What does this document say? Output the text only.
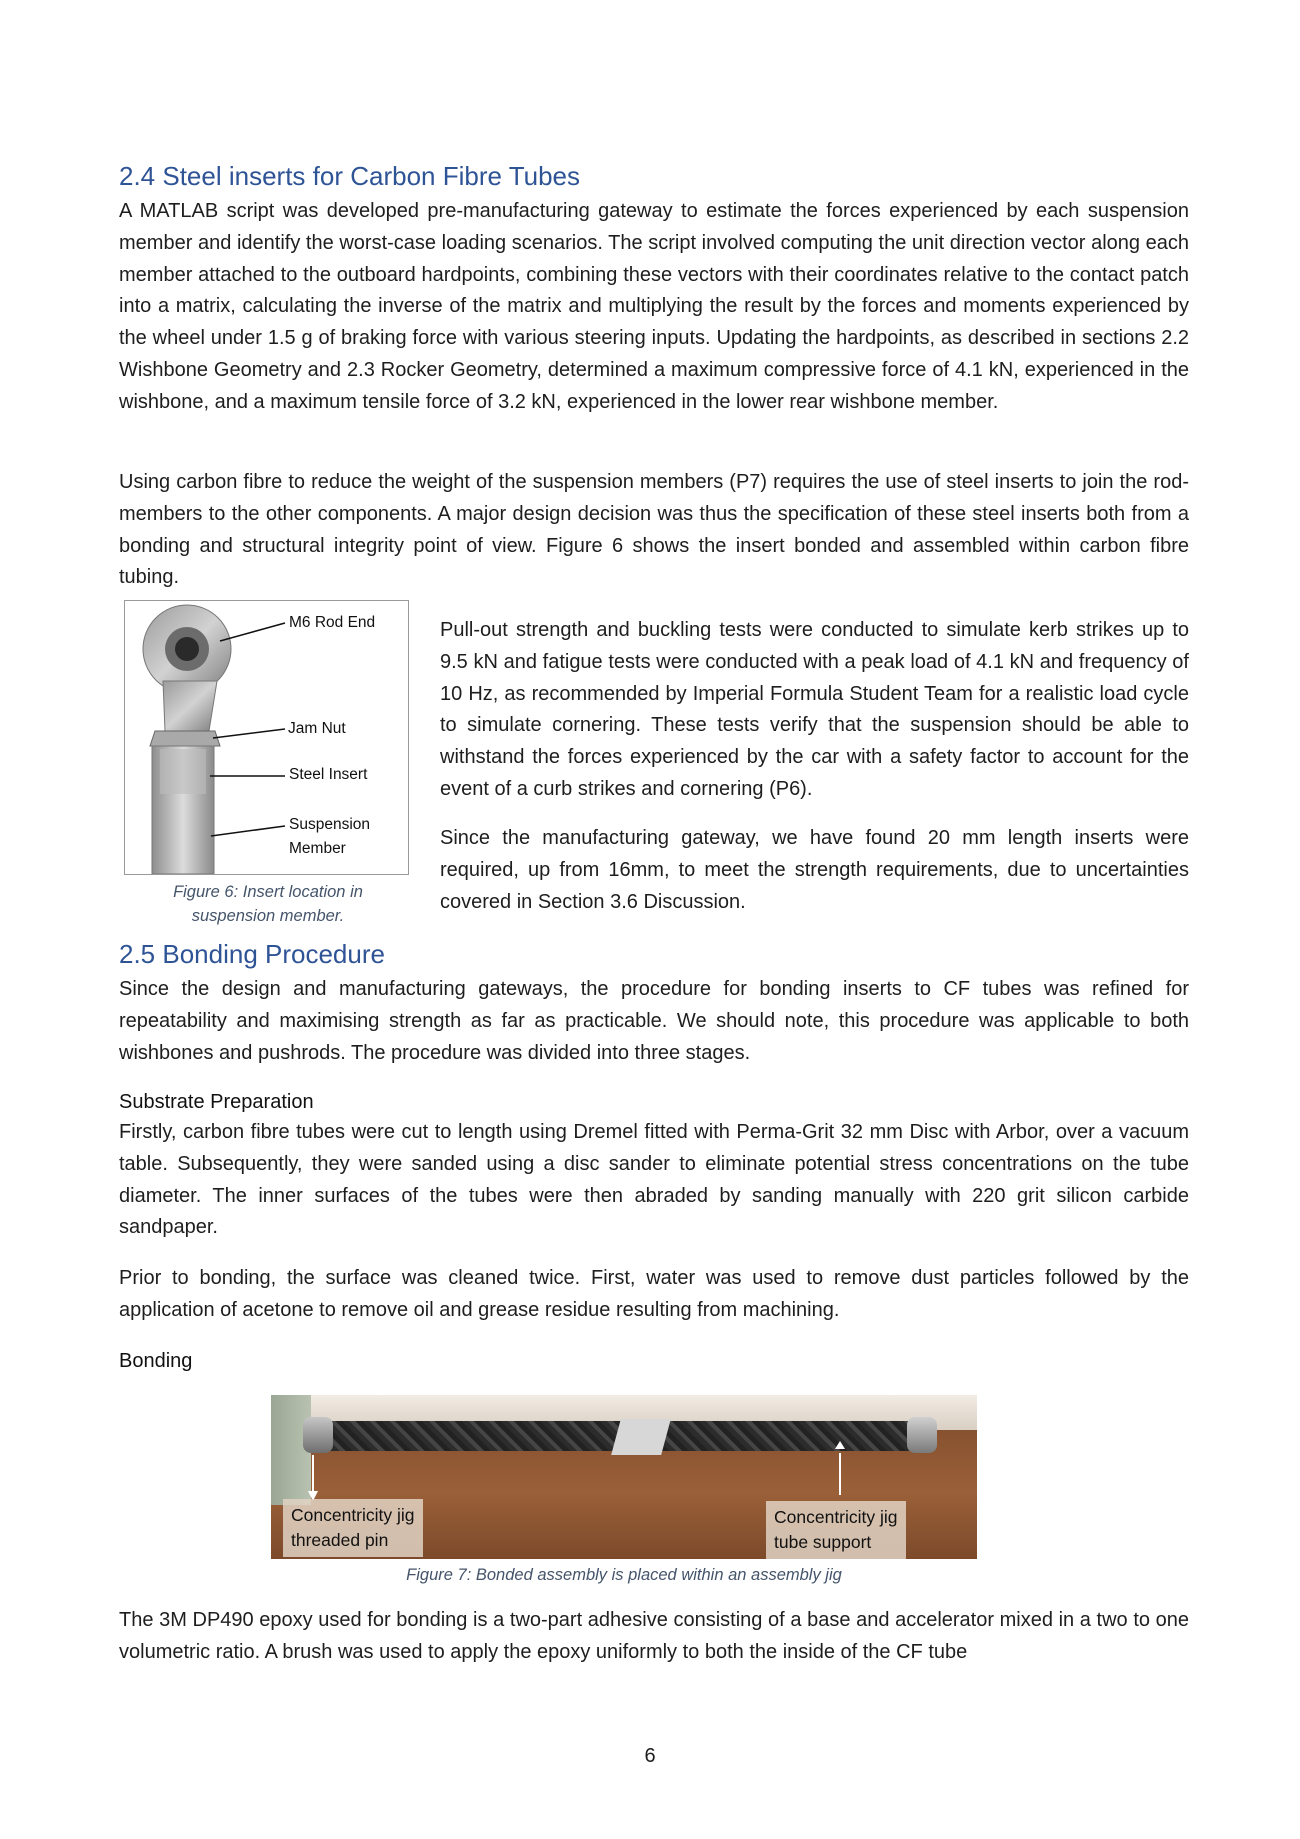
2.4 Steel inserts for Carbon Fibre Tubes

A MATLAB script was developed pre-manufacturing gateway to estimate the forces experienced by each suspension member and identify the worst-case loading scenarios. The script involved computing the unit direction vector along each member attached to the outboard hardpoints, combining these vectors with their coordinates relative to the contact patch into a matrix, calculating the inverse of the matrix and multiplying the result by the forces and moments experienced by the wheel under 1.5 g of braking force with various steering inputs. Updating the hardpoints, as described in sections 2.2 Wishbone Geometry and 2.3 Rocker Geometry, determined a maximum compressive force of 4.1 kN, experienced in the wishbone, and a maximum tensile force of 3.2 kN, experienced in the lower rear wishbone member.

Using carbon fibre to reduce the weight of the suspension members (P7) requires the use of steel inserts to join the rod-members to the other components. A major design decision was thus the specification of these steel inserts both from a bonding and structural integrity point of view. Figure 6 shows the insert bonded and assembled within carbon fibre tubing.

M6 Rod End
Jam Nut
Steel Insert
Suspension
Member
Figure 6: Insert location in
suspension member.

Pull-out strength and buckling tests were conducted to simulate kerb strikes up to 9.5 kN and fatigue tests were conducted with a peak load of 4.1 kN and frequency of 10 Hz, as recommended by Imperial Formula Student Team for a realistic load cycle to simulate cornering. These tests verify that the suspension should be able to withstand the forces experienced by the car with a safety factor to account for the event of a curb strikes and cornering (P6).

Since the manufacturing gateway, we have found 20 mm length inserts were required, up from 16mm, to meet the strength requirements, due to uncertainties covered in Section 3.6 Discussion.

2.5 Bonding Procedure

Since the design and manufacturing gateways, the procedure for bonding inserts to CF tubes was refined for repeatability and maximising strength as far as practicable. We should note, this procedure was applicable to both wishbones and pushrods. The procedure was divided into three stages.

Substrate Preparation

Firstly, carbon fibre tubes were cut to length using Dremel fitted with Perma-Grit 32 mm Disc with Arbor, over a vacuum table. Subsequently, they were sanded using a disc sander to eliminate potential stress concentrations on the tube diameter. The inner surfaces of the tubes were then abraded by sanding manually with 220 grit silicon carbide sandpaper.

Prior to bonding, the surface was cleaned twice. First, water was used to remove dust particles followed by the application of acetone to remove oil and grease residue resulting from machining.

Bonding
Concentricity jig
threaded pin
Concentricity jig
tube support
Figure 7: Bonded assembly is placed within an assembly jig

The 3M DP490 epoxy used for bonding is a two-part adhesive consisting of a base and accelerator mixed in a two to one volumetric ratio. A brush was used to apply the epoxy uniformly to both the inside of the CF tube

6
